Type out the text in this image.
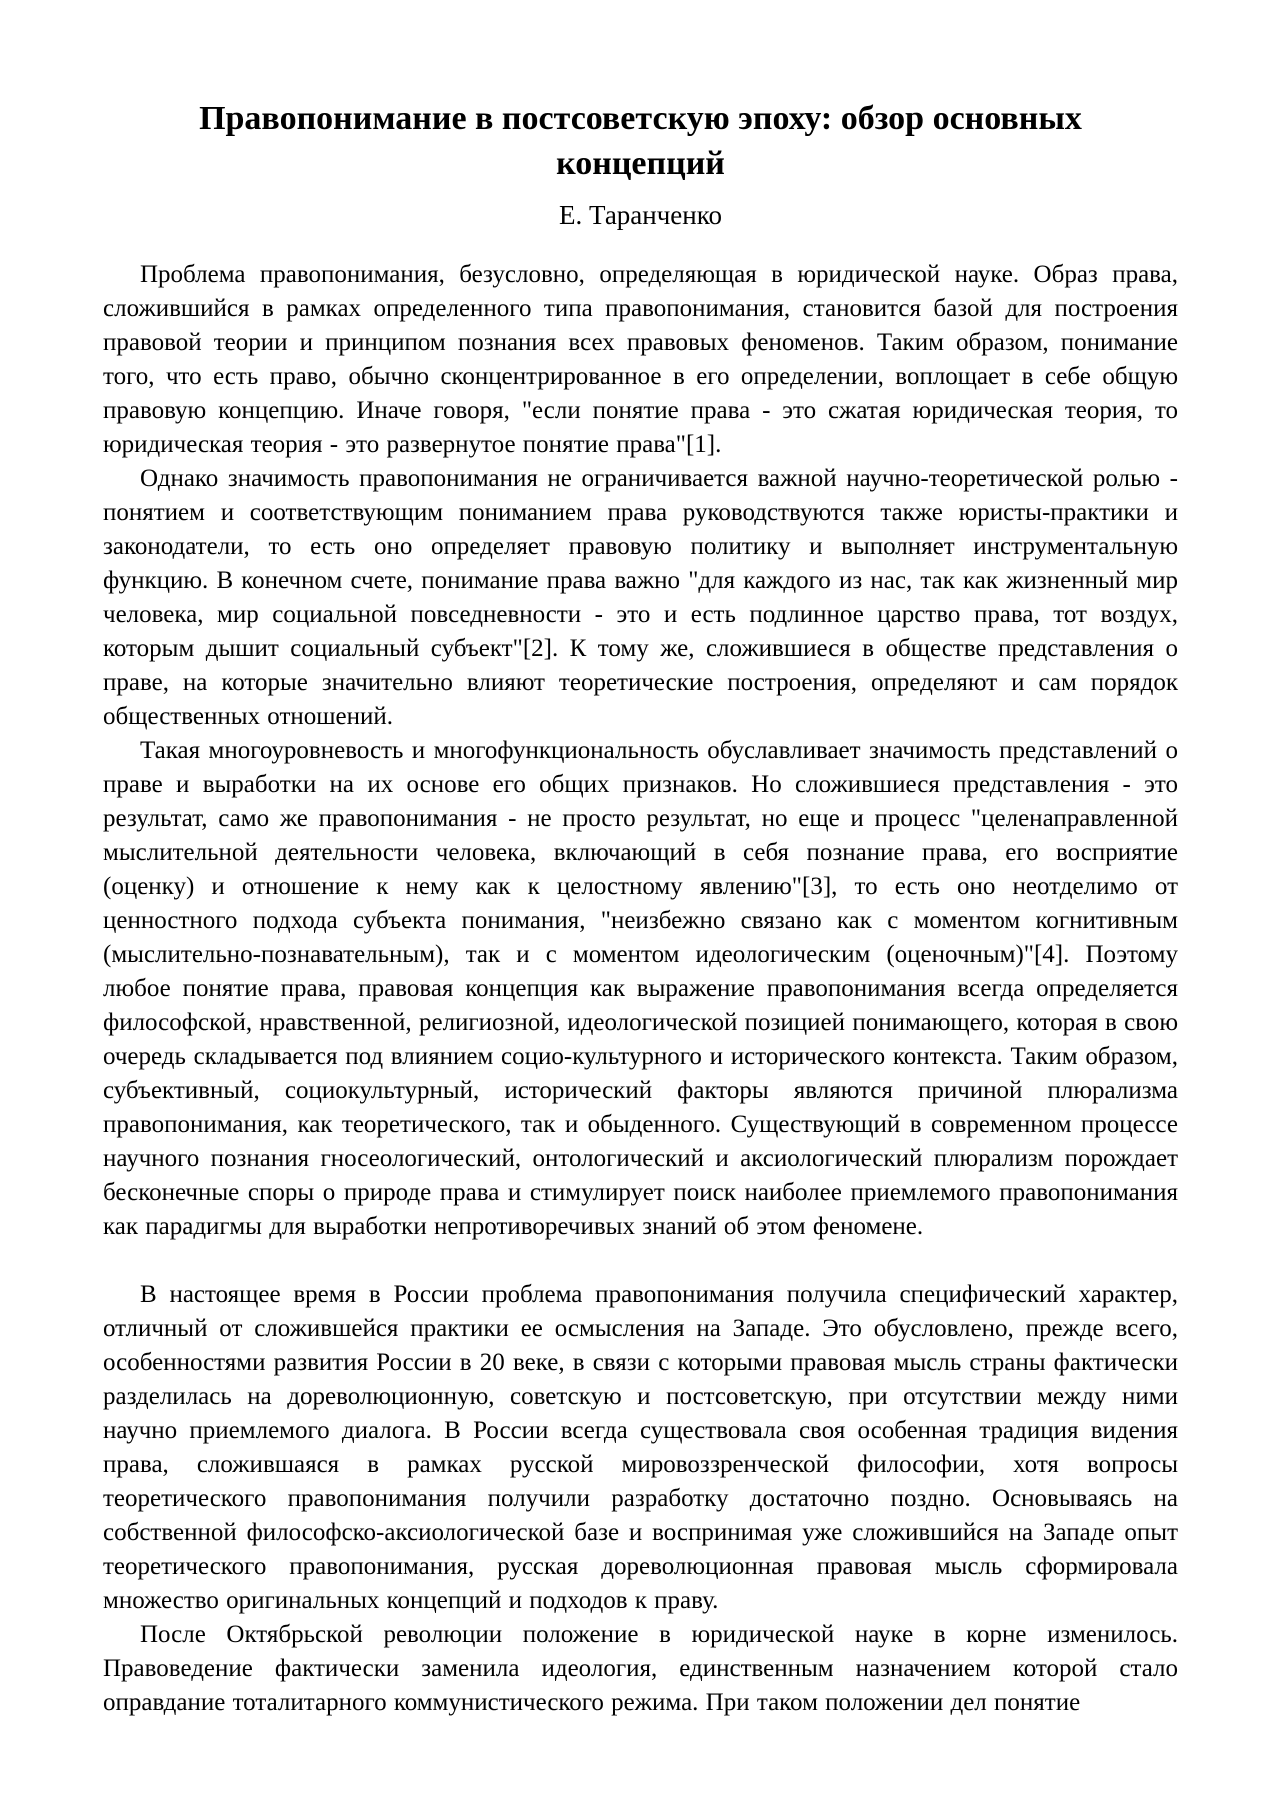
Правопонимание в постсоветскую эпоху: обзор основных концепций
Е. Таранченко

Проблема правопонимания, безусловно, определяющая в юридической науке. Образ права, сложившийся в рамках определенного типа правопонимания, становится базой для построения правовой теории и принципом познания всех правовых феноменов. Таким образом, понимание того, что есть право, обычно сконцентрированное в его определении, воплощает в себе общую правовую концепцию. Иначе говоря, "если понятие права - это сжатая юридическая теория, то юридическая теория - это развернутое понятие права"[1].

Однако значимость правопонимания не ограничивается важной научно-теоретической ролью - понятием и соответствующим пониманием права руководствуются также юристы-практики и законодатели, то есть оно определяет правовую политику и выполняет инструментальную функцию. В конечном счете, понимание права важно "для каждого из нас, так как жизненный мир человека, мир социальной повседневности - это и есть подлинное царство права, тот воздух, которым дышит социальный субъект"[2]. К тому же, сложившиеся в обществе представления о праве, на которые значительно влияют теоретические построения, определяют и сам порядок общественных отношений.

Такая многоуровневость и многофункциональность обуславливает значимость представлений о праве и выработки на их основе его общих признаков. Но сложившиеся представления - это результат, само же правопонимания - не просто результат, но еще и процесс "целенаправленной мыслительной деятельности человека, включающий в себя познание права, его восприятие (оценку) и отношение к нему как к целостному явлению"[3], то есть оно неотделимо от ценностного подхода субъекта понимания, "неизбежно связано как с моментом когнитивным (мыслительно-познавательным), так и с моментом идеологическим (оценочным)"[4]. Поэтому любое понятие права, правовая концепция как выражение правопонимания всегда определяется философской, нравственной, религиозной, идеологической позицией понимающего, которая в свою очередь складывается под влиянием социо-культурного и исторического контекста. Таким образом, субъективный, социокультурный, исторический факторы являются причиной плюрализма правопонимания, как теоретического, так и обыденного. Существующий в современном процессе научного познания гносеологический, онтологический и аксиологический плюрализм порождает бесконечные споры о природе права и стимулирует поиск наиболее приемлемого правопонимания как парадигмы для выработки непротиворечивых знаний об этом феномене.

В настоящее время в России проблема правопонимания получила специфический характер, отличный от сложившейся практики ее осмысления на Западе. Это обусловлено, прежде всего, особенностями развития России в 20 веке, в связи с которыми правовая мысль страны фактически разделилась на дореволюционную, советскую и постсоветскую, при отсутствии между ними научно приемлемого диалога. В России всегда существовала своя особенная традиция видения права, сложившаяся в рамках русской мировоззренческой философии, хотя вопросы теоретического правопонимания получили разработку достаточно поздно. Основываясь на собственной философско-аксиологической базе и воспринимая уже сложившийся на Западе опыт теоретического правопонимания, русская дореволюционная правовая мысль сформировала множество оригинальных концепций и подходов к праву.

После Октябрьской революции положение в юридической науке в корне изменилось. Правоведение фактически заменила идеология, единственным назначением которой стало оправдание тоталитарного коммунистического режима. При таком положении дел понятие
